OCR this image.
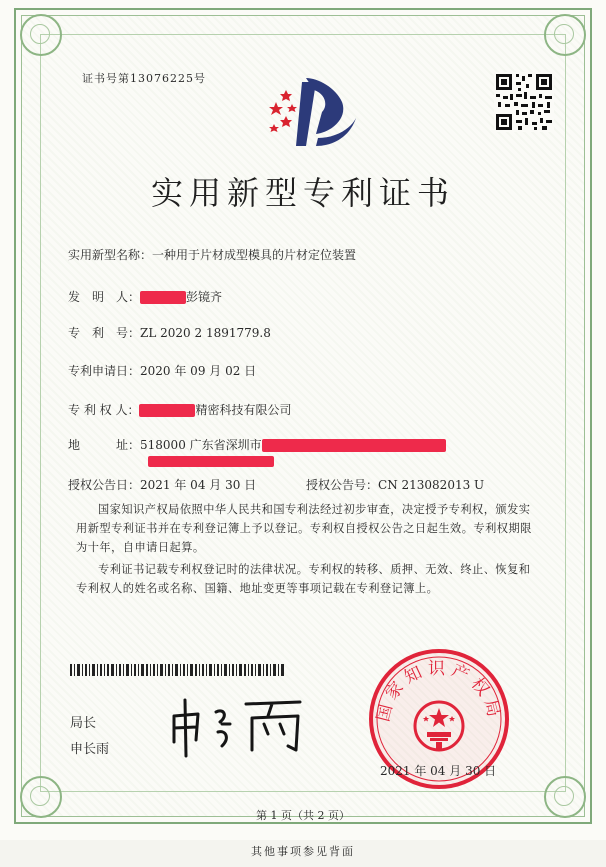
证书号第13076225号
实用新型专利证书
实用新型名称：一种用于片材成型模具的片材定位装置
发　明　人：	彭镜齐
专　利　号：ZL 2020 2 1891779.8
专利申请日：2020 年 09 月 02 日
专 利 权 人：	精密科技有限公司
地　　　址：518000 广东省深圳市
授权公告日：2021 年 04 月 30 日	授权公告号：CN 213082013 U
国家知识产权局依照中华人民共和国专利法经过初步审查，决定授予专利权，颁发实用新型专利证书并在专利登记簿上予以登记。专利权自授权公告之日起生效。专利权期限为十年，自申请日起算。
专利证书记载专利权登记时的法律状况。专利权的转移、质押、无效、终止、恢复和专利权人的姓名或名称、国籍、地址变更等事项记载在专利登记簿上。
局长
申长雨
国家知识产权局
2021 年 04 月 30 日
第 1 页（共 2 页）
其他事项参见背面
